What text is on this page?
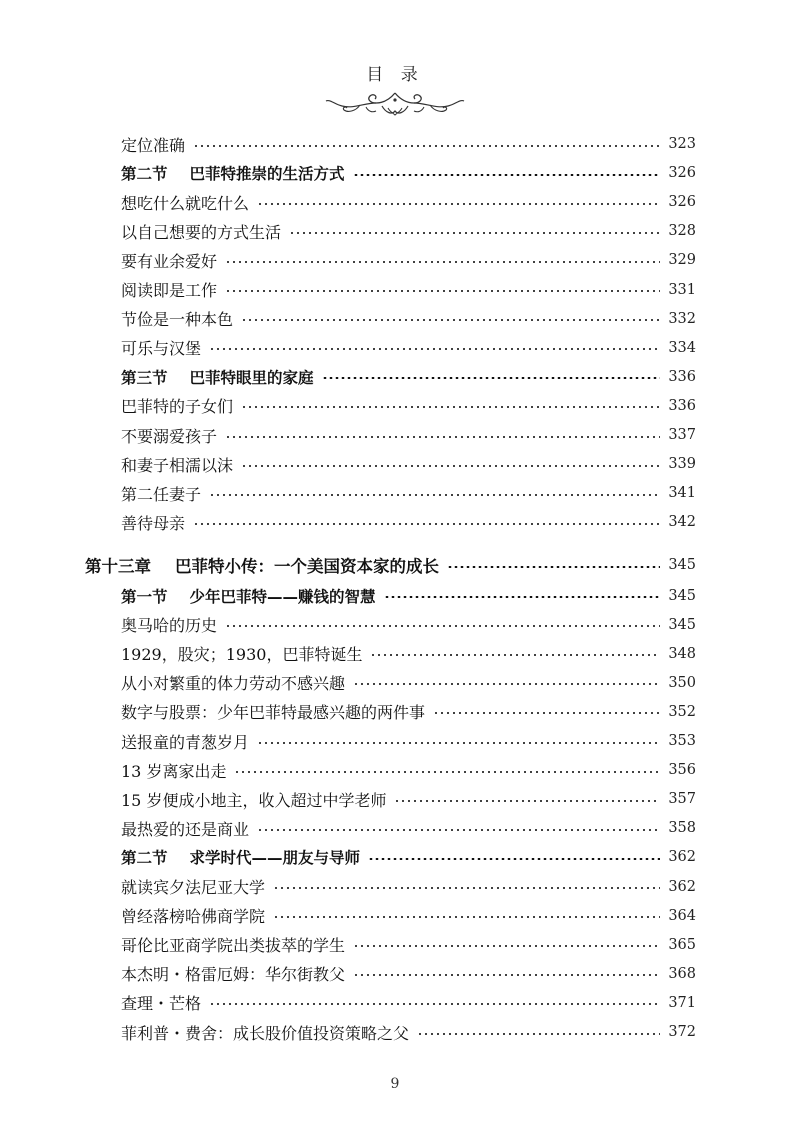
目 录
定位准确	323
第二节 巴菲特推崇的生活方式	326
想吃什么就吃什么	326
以自己想要的方式生活	328
要有业余爱好	329
阅读即是工作	331
节俭是一种本色	332
可乐与汉堡	334
第三节 巴菲特眼里的家庭	336
巴菲特的子女们	336
不要溺爱孩子	337
和妻子相濡以沫	339
第二任妻子	341
善待母亲	342
第十三章 巴菲特小传：一个美国资本家的成长	345
第一节 少年巴菲特——赚钱的智慧	345
奥马哈的历史	345
1929，股灾；1930，巴菲特诞生	348
从小对繁重的体力劳动不感兴趣	350
数字与股票：少年巴菲特最感兴趣的两件事	352
送报童的青葱岁月	353
13 岁离家出走	356
15 岁便成小地主，收入超过中学老师	357
最热爱的还是商业	358
第二节 求学时代——朋友与导师	362
就读宾夕法尼亚大学	362
曾经落榜哈佛商学院	364
哥伦比亚商学院出类拔萃的学生	365
本杰明・格雷厄姆：华尔街教父	368
查理・芒格	371
菲利普・费舍：成长股价值投资策略之父	372
9
